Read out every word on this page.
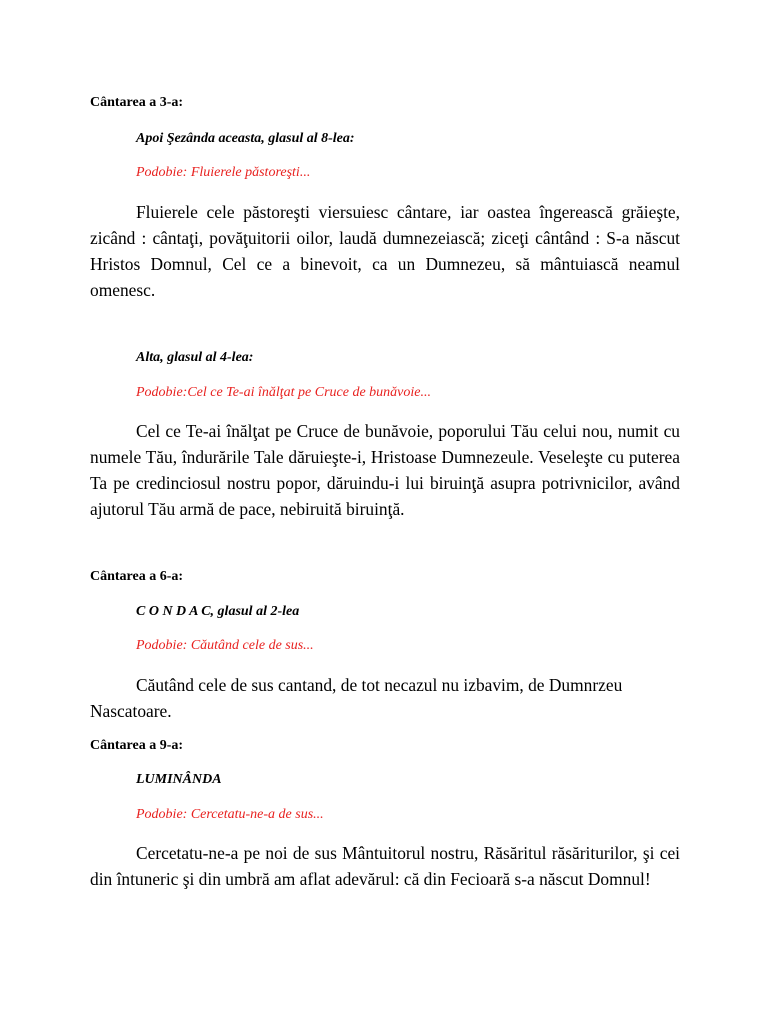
Cântarea a 3-a:
Apoi Şezânda aceasta, glasul al 8-lea:
Podobie: Fluierele păstoreşti...

Fluierele cele păstoreşti viersuiesc cântare, iar oastea îngerească grăieşte, zicând : cântaţi, povăţuitorii oilor, laudă dumnezeiască; ziceţi cântând : S-a născut Hristos Domnul, Cel ce a binevoit, ca un Dumnezeu, să mântuiască neamul omenesc.

Alta, glasul al 4-lea:
Podobie:Cel ce Te-ai înălţat pe Cruce de bunăvoie...

Cel ce Te-ai înălţat pe Cruce de bunăvoie, poporului Tău celui nou, numit cu numele Tău, îndurările Tale dăruieşte-i, Hristoase Dumnezeule. Veseleşte cu puterea Ta pe credinciosul nostru popor, dăruindu-i lui biruinţă asupra potrivnicilor, având ajutorul Tău armă de pace, nebiruită biruinţă.

Cântarea a 6-a:
C O N D A C, glasul al 2-lea
Podobie: Căutând cele de sus...

Căutând cele de sus cantand, de tot necazul nu izbavim, de Dumnrzeu Nascatoare.

Cântarea a 9-a:
LUMINÂNDA
Podobie: Cercetatu-ne-a de sus...

Cercetatu-ne-a pe noi de sus Mântuitorul nostru, Răsăritul răsăriturilor, şi cei din întuneric şi din umbră am aflat adevărul: că din Fecioară s-a născut Domnul!
